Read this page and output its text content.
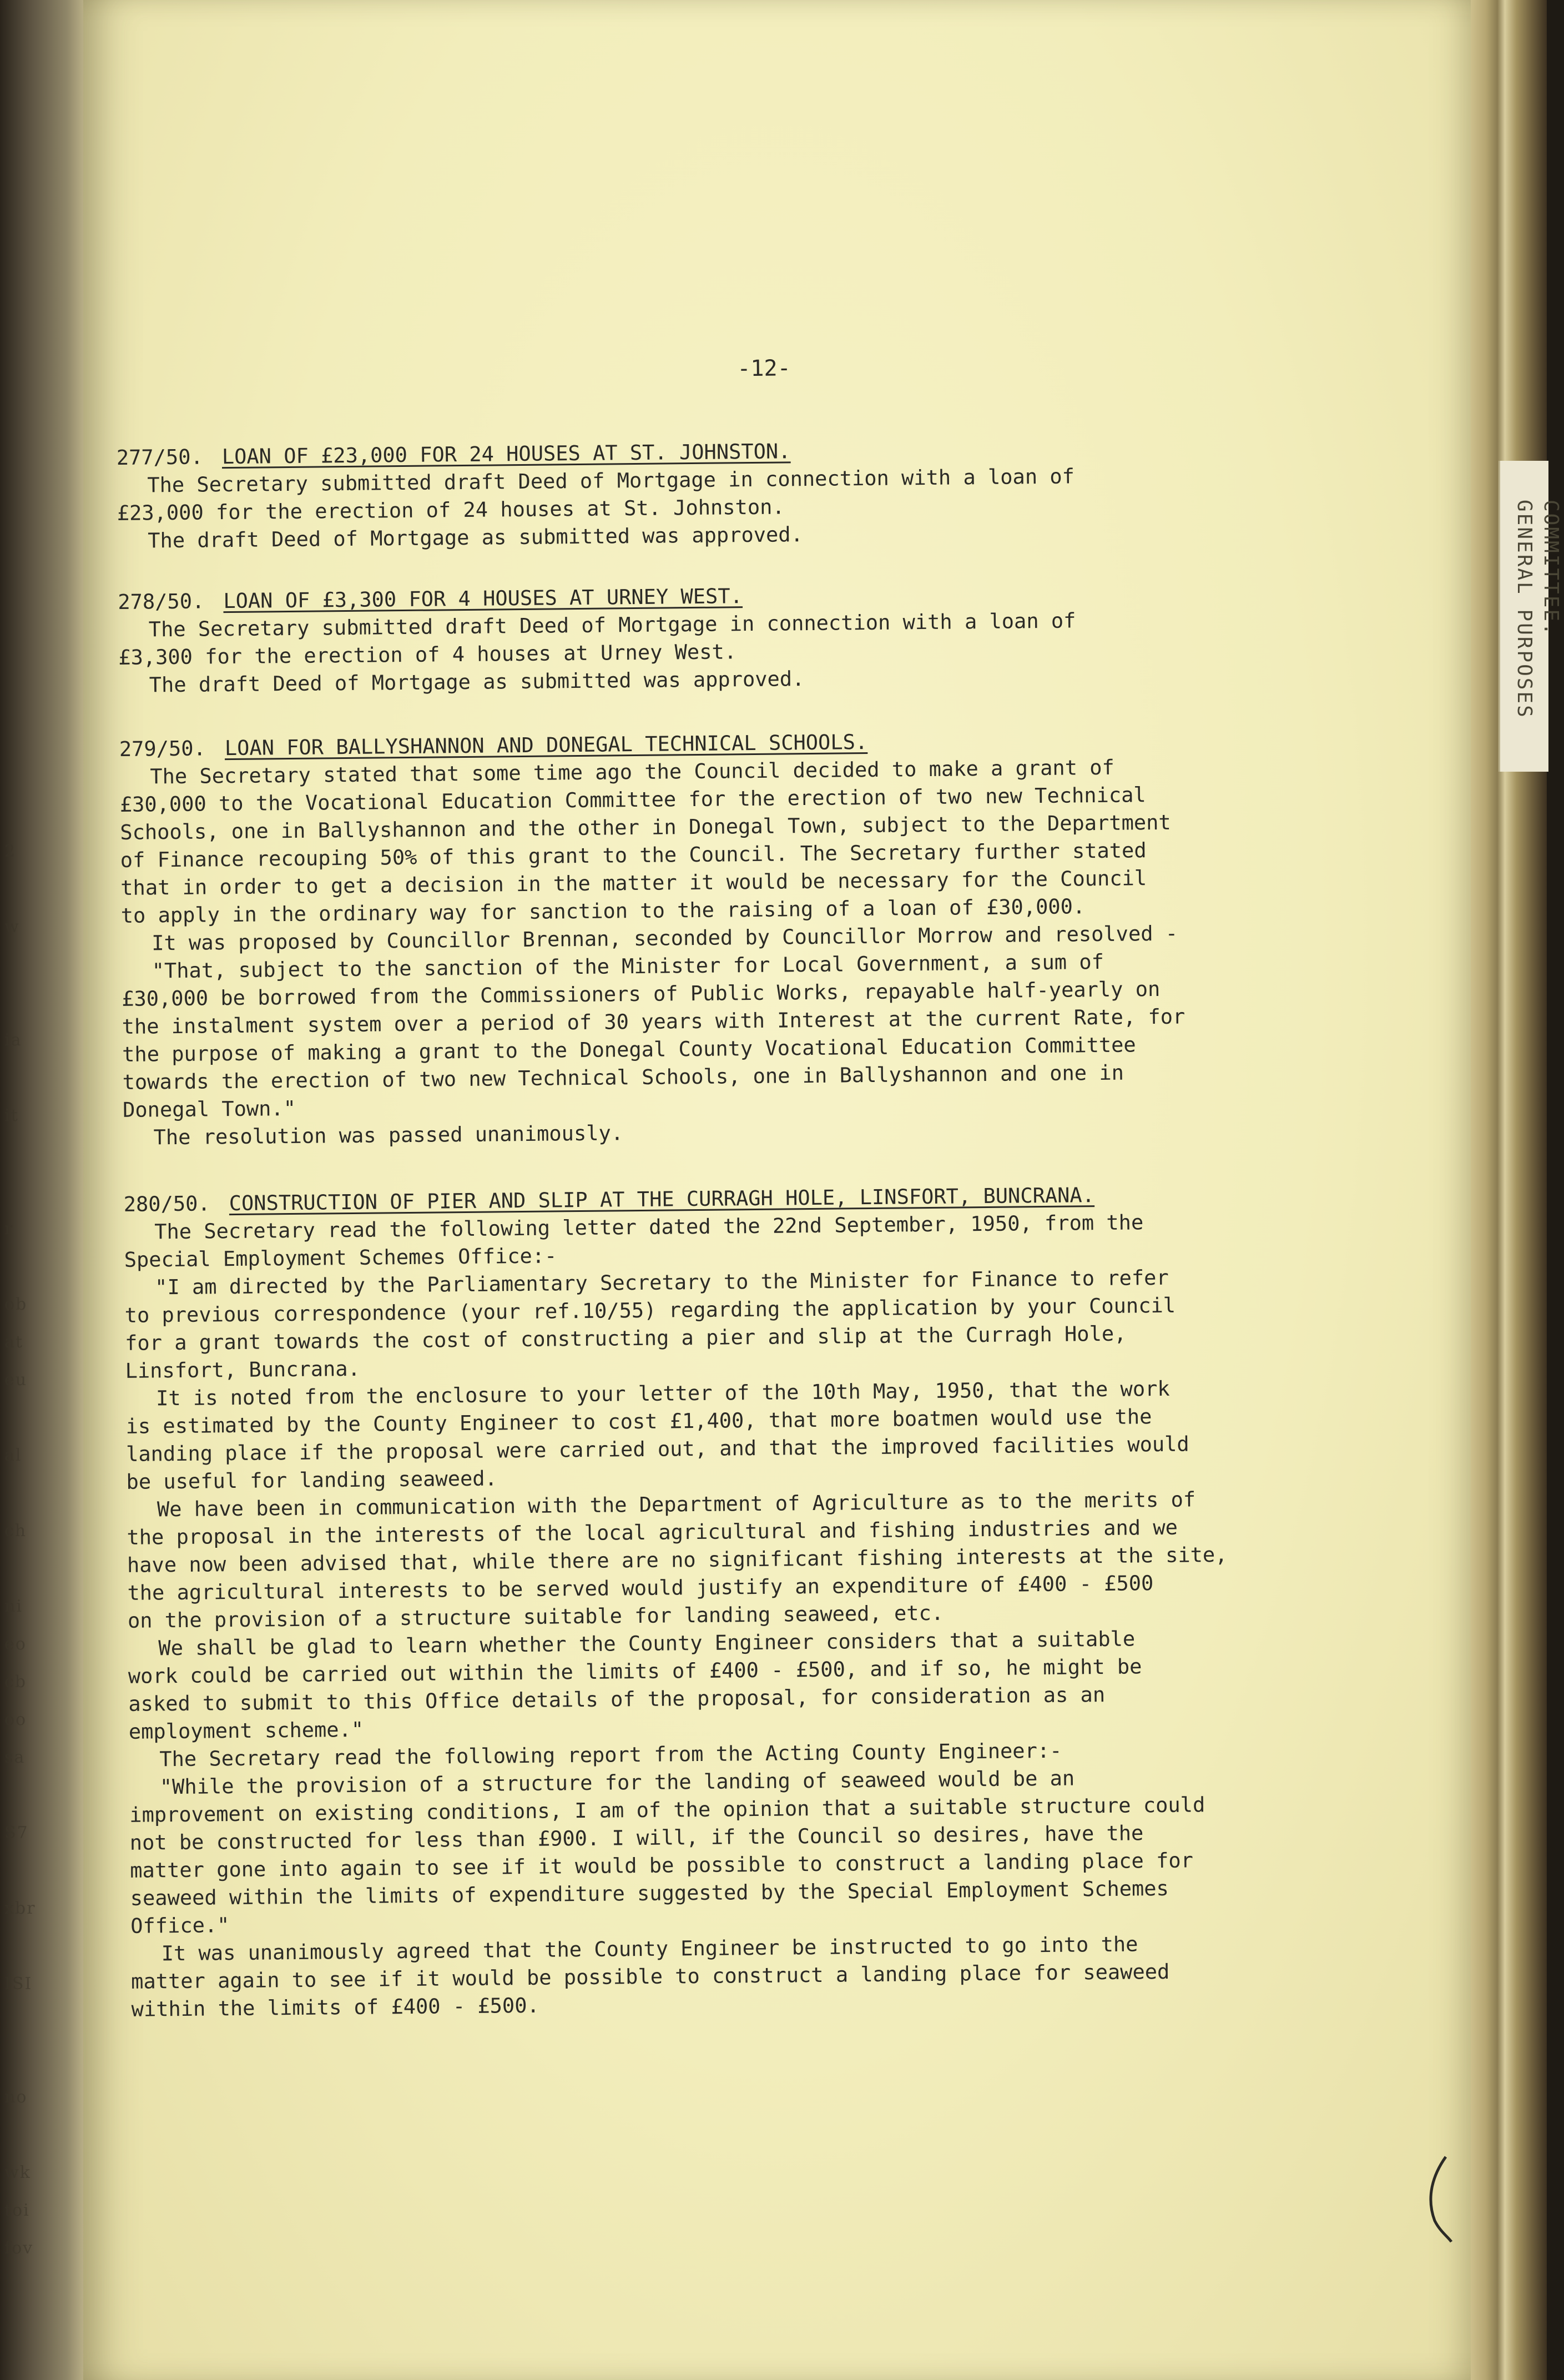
2

w

ia

it

r

ob
at
eu

al

ch

ni
eo
cb
oo
sa

S7

xbr

ISI

no

wk
toi
fov
COMMITTEE.
GENERAL PURPOSES
-12-
277/50. LOAN OF £23,000 FOR 24 HOUSES AT ST. JOHNSTON.
The Secretary submitted draft Deed of Mortgage in connection with a loan of
£23,000 for the erection of 24 houses at St. Johnston.
The draft Deed of Mortgage as submitted was approved.
278/50. LOAN OF £3,300 FOR 4 HOUSES AT URNEY WEST.
The Secretary submitted draft Deed of Mortgage in connection with a loan of
£3,300 for the erection of 4 houses at Urney West.
The draft Deed of Mortgage as submitted was approved.
279/50. LOAN FOR BALLYSHANNON AND DONEGAL TECHNICAL SCHOOLS.
The Secretary stated that some time ago the Council decided to make a grant of
£30,000 to the Vocational Education Committee for the erection of two new Technical
Schools, one in Ballyshannon and the other in Donegal Town, subject to the Department
of Finance recouping 50% of this grant to the Council. The Secretary further stated
that in order to get a decision in the matter it would be necessary for the Council
to apply in the ordinary way for sanction to the raising of a loan of £30,000.
It was proposed by Councillor Brennan, seconded by Councillor Morrow and resolved -
"That, subject to the sanction of the Minister for Local Government, a sum of
£30,000 be borrowed from the Commissioners of Public Works, repayable half-yearly on
the instalment system over a period of 30 years with Interest at the current Rate, for
the purpose of making a grant to the Donegal County Vocational Education Committee
towards the erection of two new Technical Schools, one in Ballyshannon and one in
Donegal Town."
The resolution was passed unanimously.
280/50. CONSTRUCTION OF PIER AND SLIP AT THE CURRAGH HOLE, LINSFORT, BUNCRANA.
The Secretary read the following letter dated the 22nd September, 1950, from the
Special Employment Schemes Office:-
"I am directed by the Parliamentary Secretary to the Minister for Finance to refer
to previous correspondence (your ref.10/55) regarding the application by your Council
for a grant towards the cost of constructing a pier and slip at the Curragh Hole,
Linsfort, Buncrana.
It is noted from the enclosure to your letter of the 10th May, 1950, that the work
is estimated by the County Engineer to cost £1,400, that more boatmen would use the
landing place if the proposal were carried out, and that the improved facilities would
be useful for landing seaweed.
We have been in communication with the Department of Agriculture as to the merits of
the proposal in the interests of the local agricultural and fishing industries and we
have now been advised that, while there are no significant fishing interests at the site,
the agricultural interests to be served would justify an expenditure of £400 - £500
on the provision of a structure suitable for landing seaweed, etc.
We shall be glad to learn whether the County Engineer considers that a suitable
work could be carried out within the limits of £400 - £500, and if so, he might be
asked to submit to this Office details of the proposal, for consideration as an
employment scheme."
The Secretary read the following report from the Acting County Engineer:-
"While the provision of a structure for the landing of seaweed would be an
improvement on existing conditions, I am of the opinion that a suitable structure could
not be constructed for less than £900. I will, if the Council so desires, have the
matter gone into again to see if it would be possible to construct a landing place for
seaweed within the limits of expenditure suggested by the Special Employment Schemes
Office."
It was unanimously agreed that the County Engineer be instructed to go into the
matter again to see if it would be possible to construct a landing place for seaweed
within the limits of £400 - £500.
